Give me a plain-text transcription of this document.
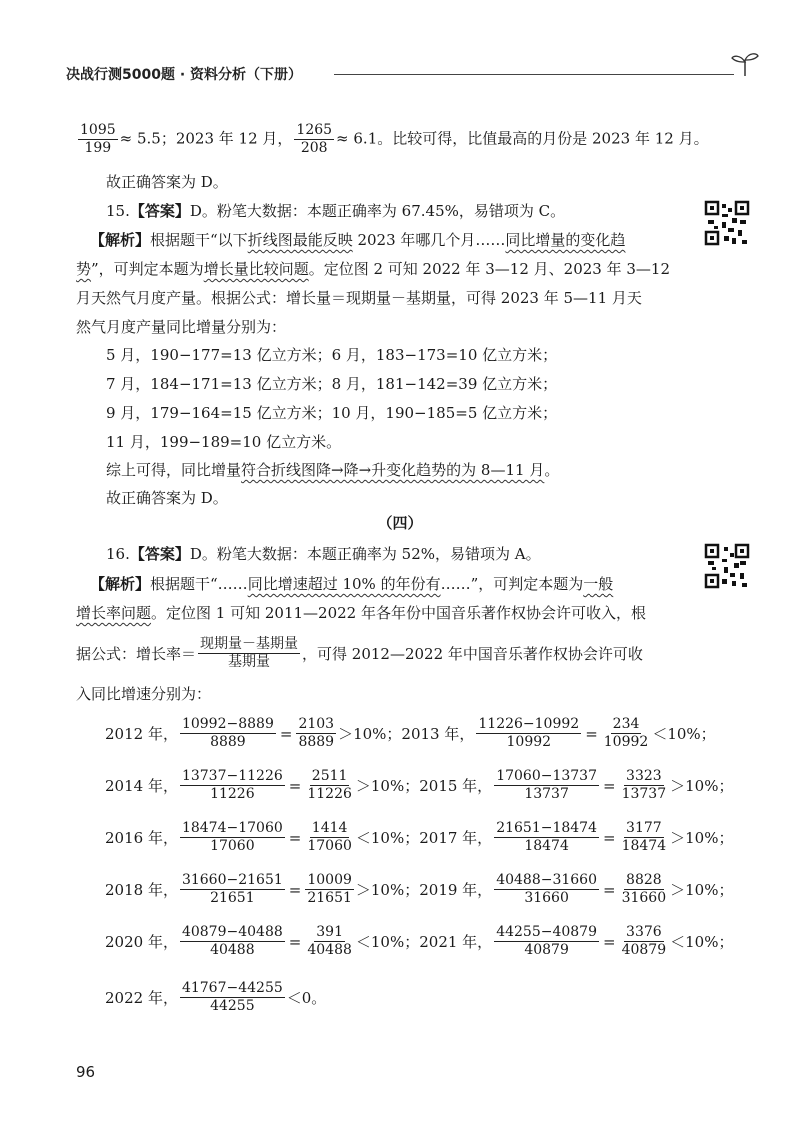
决战行测5000题 · 资料分析（下册）
$\frac{1095}{199} \approx 5.5$；2023 年 12 月， $\frac{1265}{208} \approx 6.1$。比较可得，比值最高的月份是 2023 年 12 月。
故正确答案为 D。
15.【答案】D。粉笔大数据：本题正确率为 67.45%，易错项为 C。
【解析】根据题干“以下折线图最能反映 2023 年哪几个月……同比增量的变化趋
势”，可判定本题为增长量比较问题。定位图 2 可知 2022 年 3—12 月、2023 年 3—12
月天然气月度产量。根据公式：增长量＝现期量－基期量，可得 2023 年 5—11 月天
然气月度产量同比增量分别为：
5 月，190−177=13 亿立方米；6 月，183−173=10 亿立方米；
7 月，184−171=13 亿立方米；8 月，181−142=39 亿立方米；
9 月，179−164=15 亿立方米；10 月，190−185=5 亿立方米；
11 月，199−189=10 亿立方米。
综上可得，同比增量符合折线图降→降→升变化趋势的为 8—11 月。
故正确答案为 D。
（四）
16.【答案】D。粉笔大数据：本题正确率为 52%，易错项为 A。
【解析】根据题干“……同比增速超过 10% 的年份有……”，可判定本题为一般
增长率问题。定位图 1 可知 2011—2022 年各年份中国音乐著作权协会许可收入，根
据公式：增长率＝ $\frac{\text{现期量－基期量}}{\text{基期量}}$ ，可得 2012—2022 年中国音乐著作权协会许可收
入同比增速分别为：
2012 年， $\frac{10992-8889}{8889} = \frac{2103}{8889} >10\%$； 2013 年， $\frac{11226-10992}{10992} = \frac{234}{10992} <10\%$；
2014 年， $\frac{13737-11226}{11226} = \frac{2511}{11226} >10\%$； 2015 年， $\frac{17060-13737}{13737} = \frac{3323}{13737} >10\%$；
2016 年， $\frac{18474-17060}{17060} = \frac{1414}{17060} <10\%$； 2017 年， $\frac{21651-18474}{18474} = \frac{3177}{18474} >10\%$；
2018 年， $\frac{31660-21651}{21651} = \frac{10009}{21651} >10\%$； 2019 年， $\frac{40488-31660}{31660} = \frac{8828}{31660} >10\%$；
2020 年， $\frac{40879-40488}{40488} = \frac{391}{40488} <10\%$； 2021 年， $\frac{44255-40879}{40879} = \frac{3376}{40879} <10\%$；
2022 年， $\frac{41767-44255}{44255} <0$。
96
